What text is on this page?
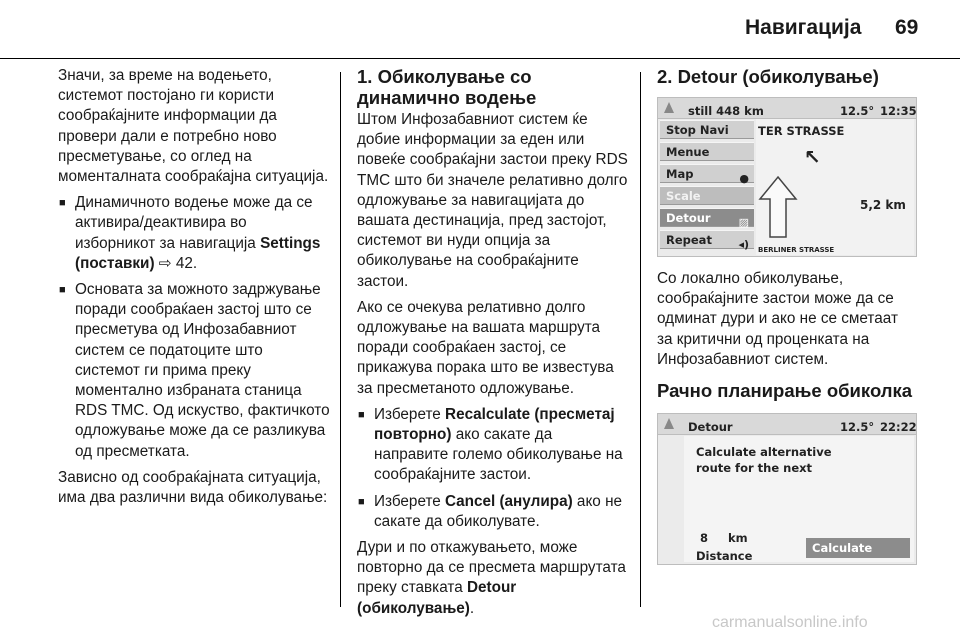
Навигација 69

Значи, за време на водењето, системот постојано ги користи сообраќајните информации да провери дали е потребно ново пресметување, со оглед на моменталната сообраќајна ситуација.

■ Динамичното водење може да се активира/деактивира во изборникот за навигација Settings (поставки) ⇨ 42.
■ Основата за можното задржување поради сообраќаен застој што се пресметува од Инфозабавниот систем се податоците што системот ги прима преку моментално избраната станица RDS TMC. Од искуство, фактичкото одложување може да се разликува од пресметката.

Зависно од сообраќајната ситуација, има два различни вида обиколување:

1. Обиколување со динамично водење

Штом Инфозабавниот систем ќе добие информации за еден или повеќе сообраќајни застои преку RDS TMC што би значеле релативно долго одложување за навигацијата до вашата дестинација, пред застојот, системот ви нуди опција за обиколување на сообраќајните застои.

Ако се очекува релативно долго одложување на вашата маршрута поради сообраќаен застој, се прикажува порака што ве известува за пресметаното одложување.

■ Изберете Recalculate (пресметај повторно) ако сакате да направите големо обиколување на сообраќајните застои.
■ Изберете Cancel (анулира) ако не сакате да обиколувате.

Дури и по откажувањето, може повторно да се пресмета маршрутата преку ставката Detour (обиколување).

2. Detour (обиколување)
still 448 km	12.5° 12:35
Stop Navi
Menue
Map	●
Scale
Detour	▨
Repeat ◂)
TER STRASSE
↖
5,2 km
BERLINER STRASSE

Со локално обиколување, сообраќајните застои може да се одминат дури и ако не се сметаат за критични од проценката на Инфозабавниот систем.

Рачно планирање обиколка
Detour	12.5° 22:22
Calculate alternative
route for the next
8 km
Distance
Calculate
carmanualsonline.info
